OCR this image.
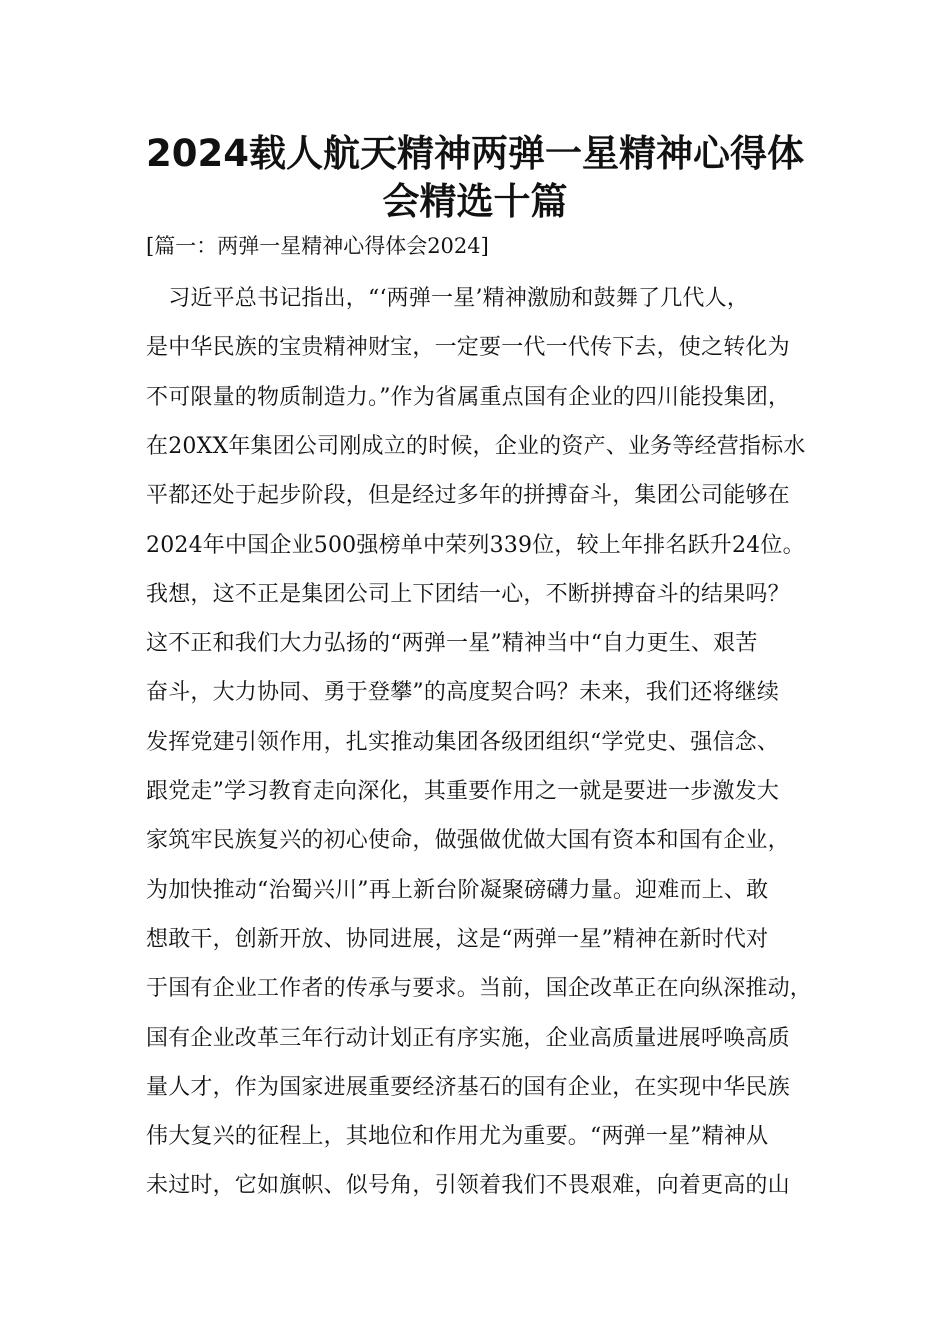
2024载人航天精神两弹一星精神心得体
会精选十篇
[篇一：两弹一星精神心得体会2024]
　习近平总书记指出，“‘两弹一星’精神激励和鼓舞了几代人，
是中华民族的宝贵精神财宝，一定要一代一代传下去，使之转化为
不可限量的物质制造力。”作为省属重点国有企业的四川能投集团，
在20XX年集团公司刚成立的时候，企业的资产、业务等经营指标水
平都还处于起步阶段，但是经过多年的拼搏奋斗，集团公司能够在
2024年中国企业500强榜单中荣列339位，较上年排名跃升24位。
我想，这不正是集团公司上下团结一心，不断拼搏奋斗的结果吗？
这不正和我们大力弘扬的“两弹一星”精神当中“自力更生、艰苦
奋斗，大力协同、勇于登攀”的高度契合吗？未来，我们还将继续
发挥党建引领作用，扎实推动集团各级团组织“学党史、强信念、
跟党走”学习教育走向深化，其重要作用之一就是要进一步激发大
家筑牢民族复兴的初心使命，做强做优做大国有资本和国有企业，
为加快推动“治蜀兴川”再上新台阶凝聚磅礴力量。迎难而上、敢
想敢干，创新开放、协同进展，这是“两弹一星”精神在新时代对
于国有企业工作者的传承与要求。当前，国企改革正在向纵深推动，
国有企业改革三年行动计划正有序实施，企业高质量进展呼唤高质
量人才，作为国家进展重要经济基石的国有企业，在实现中华民族
伟大复兴的征程上，其地位和作用尤为重要。“两弹一星”精神从
未过时，它如旗帜、似号角，引领着我们不畏艰难，向着更高的山
